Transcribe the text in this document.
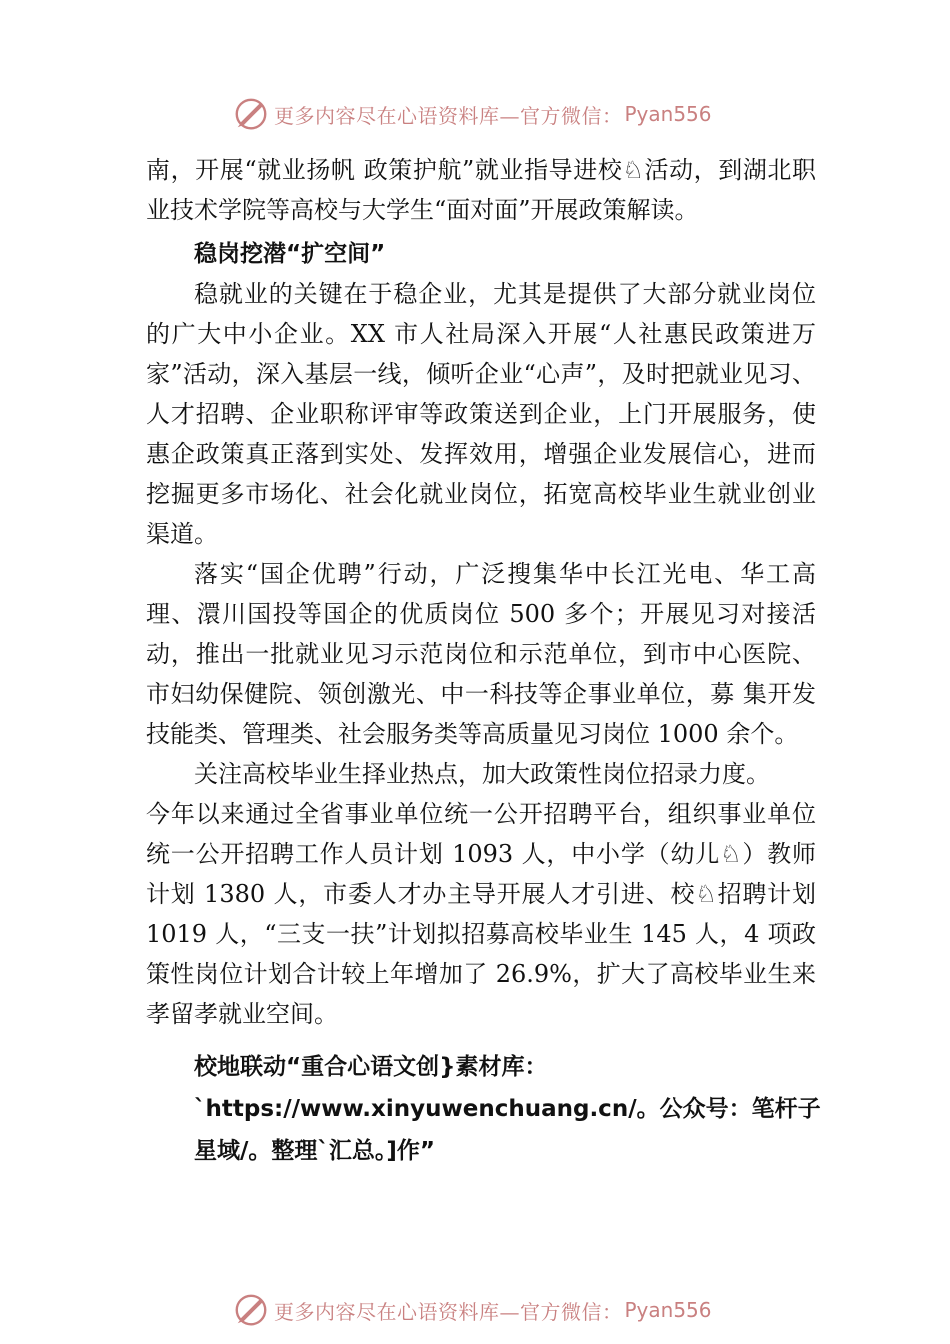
更多内容尽在心语资料库—官方微信： Pyan556

南，开展“就业扬帆 政策护航”就业指导进校♘活动，到湖北职业技术学院等高校与大学生“面对面”开展政策解读。

稳岗挖潜“扩空间”

稳就业的关键在于稳企业，尤其是提供了大部分就业岗位的广大中小企业。XX 市人社局深入开展“人社惠民政策进万家”活动，深入基层一线，倾听企业“心声”，及时把就业见习、人才招聘、企业职称评审等政策送到企业，上门开展服务，使惠企政策真正落到实处、发挥效用，增强企业发展信心，进而挖掘更多市场化、社会化就业岗位，拓宽高校毕业生就业创业渠道。

落实“国企优聘”行动，广泛搜集华中长江光电、华工高理、澴川国投等国企的优质岗位 500 多个；开展见习对接活动，推出一批就业见习示范岗位和示范单位，到市中心医院、市妇幼保健院、领创激光、中一科技等企事业单位，募 集开发技能类、管理类、社会服务类等高质量见习岗位 1000 余个。

关注高校毕业生择业热点，加大政策性岗位招录力度。

今年以来通过全省事业单位统一公开招聘平台，组织事业单位统一公开招聘工作人员计划 1093 人，中小学（幼儿♘）教师计划 1380 人，市委人才办主导开展人才引进、校♘招聘计划 1019 人，“三支一扶”计划拟招募高校毕业生 145 人，4 项政策性岗位计划合计较上年增加了 26.9%，扩大了高校毕业生来孝留孝就业空间。

校地联动“重合心语文创}素材库：`https://www.xinyuwenchuang.cn/。公众号：笔杆子星域/。整理`汇总。]作”

更多内容尽在心语资料库—官方微信： Pyan556
